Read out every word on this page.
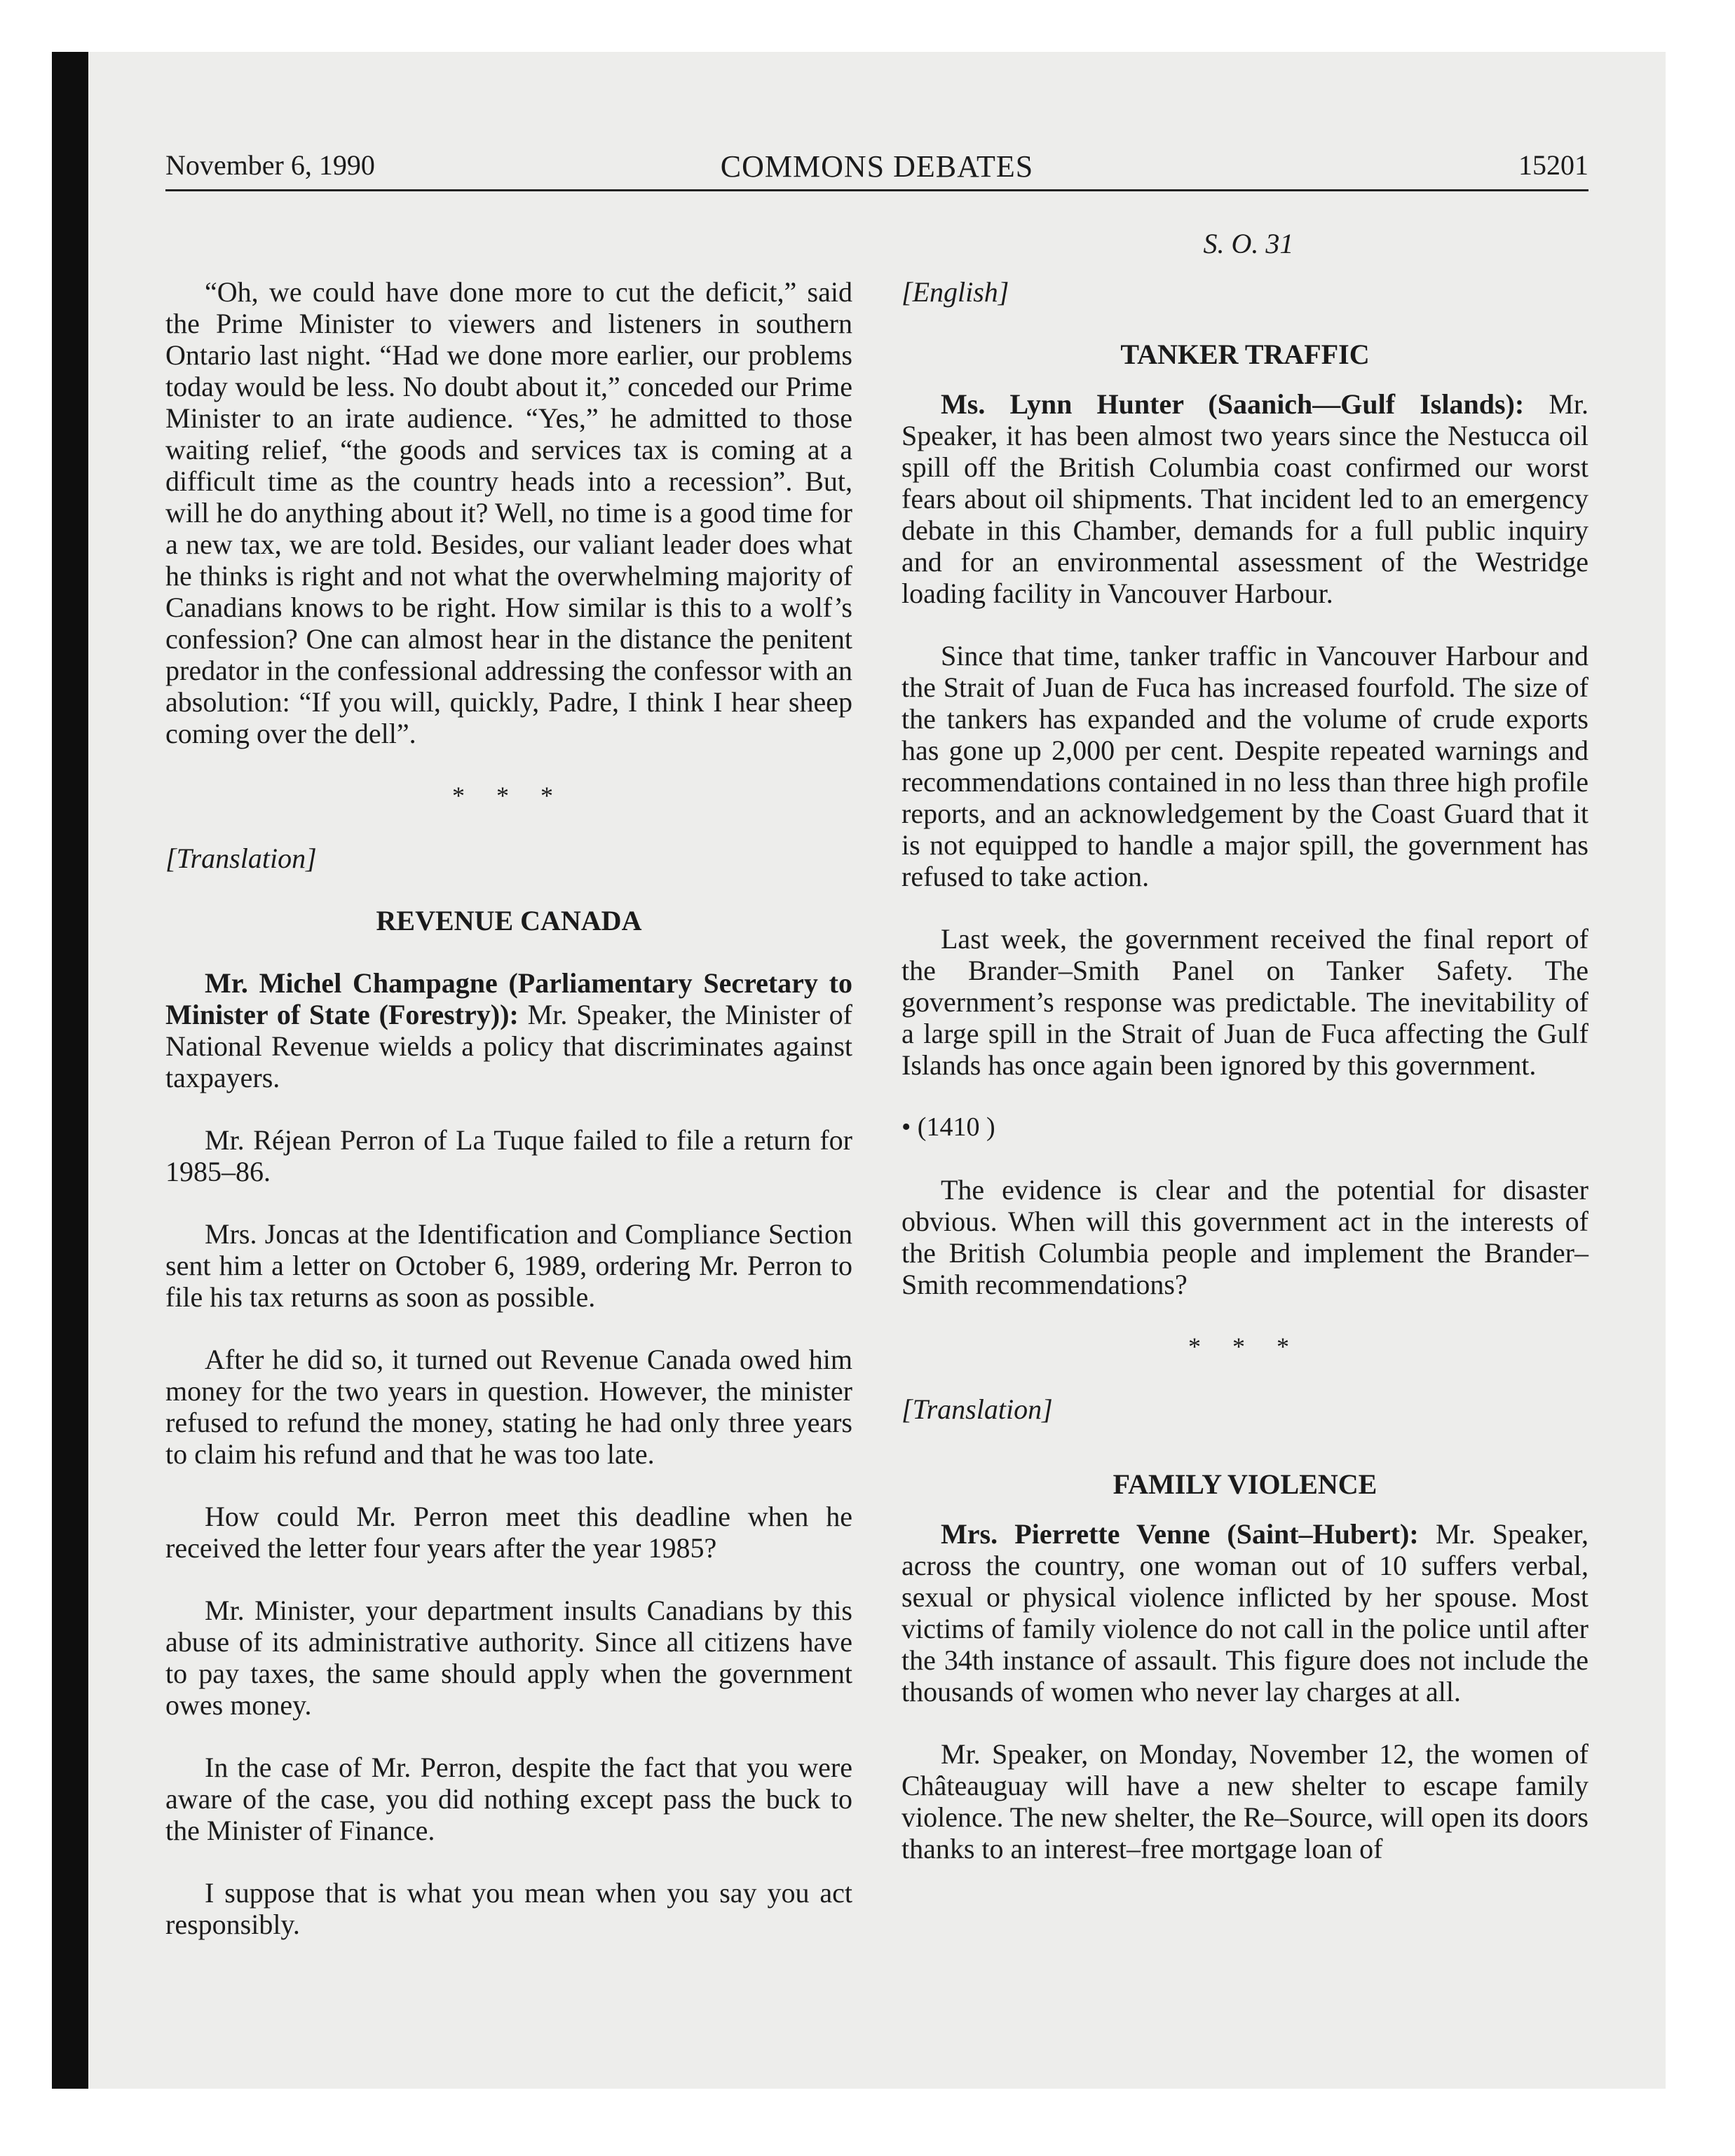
November 6, 1990	COMMONS DEBATES	15201
S. O. 31

“Oh, we could have done more to cut the deficit,” said the Prime Minister to viewers and listeners in southern Ontario last night. “Had we done more earlier, our problems today would be less. No doubt about it,” conceded our Prime Minister to an irate audience. “Yes,” he admitted to those waiting relief, “the goods and services tax is coming at a difficult time as the country heads into a recession”. But, will he do anything about it? Well, no time is a good time for a new tax, we are told. Besides, our valiant leader does what he thinks is right and not what the overwhelming majority of Canadians knows to be right. How similar is this to a wolf’s confession? One can almost hear in the distance the penitent predator in the confessional addressing the confessor with an absolution: “If you will, quickly, Padre, I think I hear sheep coming over the dell”.

* * *

[Translation]

REVENUE CANADA

Mr. Michel Champagne (Parliamentary Secretary to Minister of State (Forestry)): Mr. Speaker, the Minister of National Revenue wields a policy that discriminates against taxpayers.

Mr. Réjean Perron of La Tuque failed to file a return for 1985–86.

Mrs. Joncas at the Identification and Compliance Section sent him a letter on October 6, 1989, ordering Mr. Perron to file his tax returns as soon as possible.

After he did so, it turned out Revenue Canada owed him money for the two years in question. However, the minister refused to refund the money, stating he had only three years to claim his refund and that he was too late.

How could Mr. Perron meet this deadline when he received the letter four years after the year 1985?

Mr. Minister, your department insults Canadians by this abuse of its administrative authority. Since all citizens have to pay taxes, the same should apply when the government owes money.

In the case of Mr. Perron, despite the fact that you were aware of the case, you did nothing except pass the buck to the Minister of Finance.

I suppose that is what you mean when you say you act responsibly.

[English]

TANKER TRAFFIC

Ms. Lynn Hunter (Saanich—Gulf Islands): Mr. Speaker, it has been almost two years since the Nestucca oil spill off the British Columbia coast confirmed our worst fears about oil shipments. That incident led to an emergency debate in this Chamber, demands for a full public inquiry and for an environmental assessment of the Westridge loading facility in Vancouver Harbour.

Since that time, tanker traffic in Vancouver Harbour and the Strait of Juan de Fuca has increased fourfold. The size of the tankers has expanded and the volume of crude exports has gone up 2,000 per cent. Despite repeated warnings and recommendations contained in no less than three high profile reports, and an acknowledgement by the Coast Guard that it is not equipped to handle a major spill, the government has refused to take action.

Last week, the government received the final report of the Brander–Smith Panel on Tanker Safety. The government’s response was predictable. The inevitability of a large spill in the Strait of Juan de Fuca affecting the Gulf Islands has once again been ignored by this government.

• (1410 )

The evidence is clear and the potential for disaster obvious. When will this government act in the interests of the British Columbia people and implement the Brander–Smith recommendations?

* * *

[Translation]

FAMILY VIOLENCE

Mrs. Pierrette Venne (Saint–Hubert): Mr. Speaker, across the country, one woman out of 10 suffers verbal, sexual or physical violence inflicted by her spouse. Most victims of family violence do not call in the police until after the 34th instance of assault. This figure does not include the thousands of women who never lay charges at all.

Mr. Speaker, on Monday, November 12, the women of Châteauguay will have a new shelter to escape family violence. The new shelter, the Re–Source, will open its doors thanks to an interest–free mortgage loan of
